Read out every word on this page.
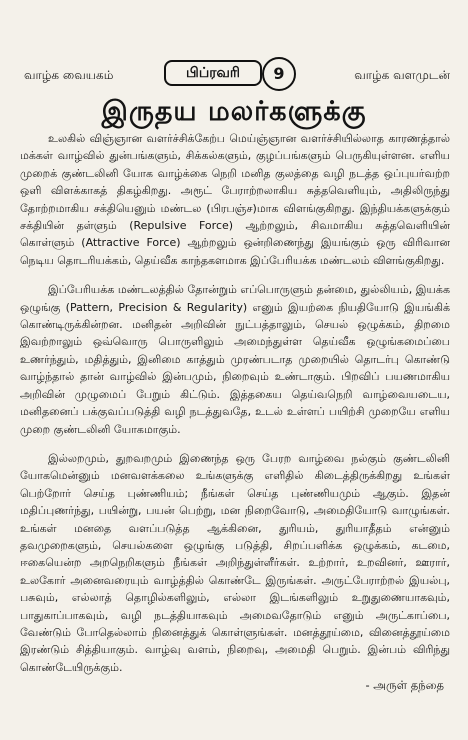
வாழ்க வையகம்	பிப்ரவரி	9	வாழ்க வளமுடன்
இருதய மலர்களுக்கு

உலகில் விஞ்ஞான வளர்ச்சிக்கேற்ப மெய்ஞ்ஞான வளர்ச்சியில்லாத காரணத்தால் மக்கள் வாழ்வில் துன்பங்களும், சிக்கல்களும், குழப்பங்களும் பெருகியுள்ளன. எளிய முறைக் குண்டலினி யோக வாழ்க்கை நெறி மனித குலத்தை வழி நடத்த ஒப்புயர்வற்ற ஒளி விளக்காகத் திகழ்கிறது. அரூட் பேராற்றலாகிய சுத்தவெளியும், அதிலிருந்து தோற்றமாகிய சக்தியெனும் மண்டல (பிரபஞ்ச)மாக விளங்குகிறது. இந்தியக்களுக்கும் சக்தியின் தள்ளும் (Repulsive Force) ஆற்றலும், சிவமாகிய சுத்தவெளியின் கொள்ளும் (Attractive Force) ஆற்றலும் ஒன்றிணைந்து இயங்கும் ஒரு விரிவான நெடிய தொடரியக்கம், தெய்வீக காந்தகளமாக இப்பேரியக்க மண்டலம் விளங்குகிறது.

இப்பேரியக்க மண்டலத்தில் தோன்றும் எப்பொருளும் தன்மை, துல்லியம், இயக்க ஒழுங்கு (Pattern, Precision & Regularity) எனும் இயற்கை நியதியோடு இயங்கிக் கொண்டிருக்கின்றன. மனிதன் அறிவின் நுட்பத்தாலும், செயல் ஒழுக்கம், திறமை இவற்றாலும் ஒவ்வொரு பொருளிலும் அமைந்துள்ள தெய்வீக ஒழுங்கமைப்பை உணர்ந்தும், மதித்தும், இனிமை காத்தும் முரண்படாத முறையில் தொடர்பு கொண்டு வாழ்ந்தால் தான் வாழ்வில் இன்பமும், நிறைவும் உண்டாகும். பிறவிப் பயணமாகிய அறிவின் முழுமைப் பேறும் கிட்டும். இத்தகைய தெய்வநெறி வாழ்வையடைய, மனிதனைப் பக்குவப்படுத்தி வழி நடத்துவதே, உடல் உள்ளப் பயிற்சி முறையே எளிய முறை குண்டலினி யோகமாகும்.

இல்லறமும், துறவறமும் இணைந்த ஒரு பேரற வாழ்வை நல்கும் குண்டலினி யோகமென்னும் மனவளக்கலை உங்களுக்கு எளிதில் கிடைத்திருக்கிறது உங்கள் பெற்றோர் செய்த புண்ணியம்; நீங்கள் செய்த புண்ணியமும் ஆகும். இதன் மதிப்புணர்ந்து, பயின்று, பயன் பெற்று, மன நிறைவோடு, அமைதியோடு வாழுங்கள். உங்கள் மனதை வளப்படுத்த ஆக்கினை, துரியம், துரியாதீதம் என்னும் தவமுறைகளும், செயல்களை ஒழுங்கு படுத்தி, சிறப்பளிக்க ஒழுக்கம், கடமை, ஈகையென்ற அறநெறிகளும் நீங்கள் அறிந்துள்ளீர்கள். உற்றார், உறவினர், ஊரார், உலகோர் அனைவரையும் வாழ்த்தில் கொண்டே இருங்கள். அருட்பேராற்றல் இயல்பு, பசுவும், எல்லாத் தொழில்களிலும், எல்லா இடங்களிலும் உறுதுணையாகவும், பாதுகாப்பாகவும், வழி நடத்தியாகவும் அமைவதோடும் எனும் அருட்காப்பை, வேண்டும் போதெல்லாம் நினைத்துக் கொள்ளுங்கள். மனத்தூய்மை, வினைத்தூய்மை இரண்டும் சித்தியாகும். வாழ்வு வளம், நிறைவு, அமைதி பெறும். இன்பம் விரிந்து கொண்டேயிருக்கும்.

- அருள் தந்தை
